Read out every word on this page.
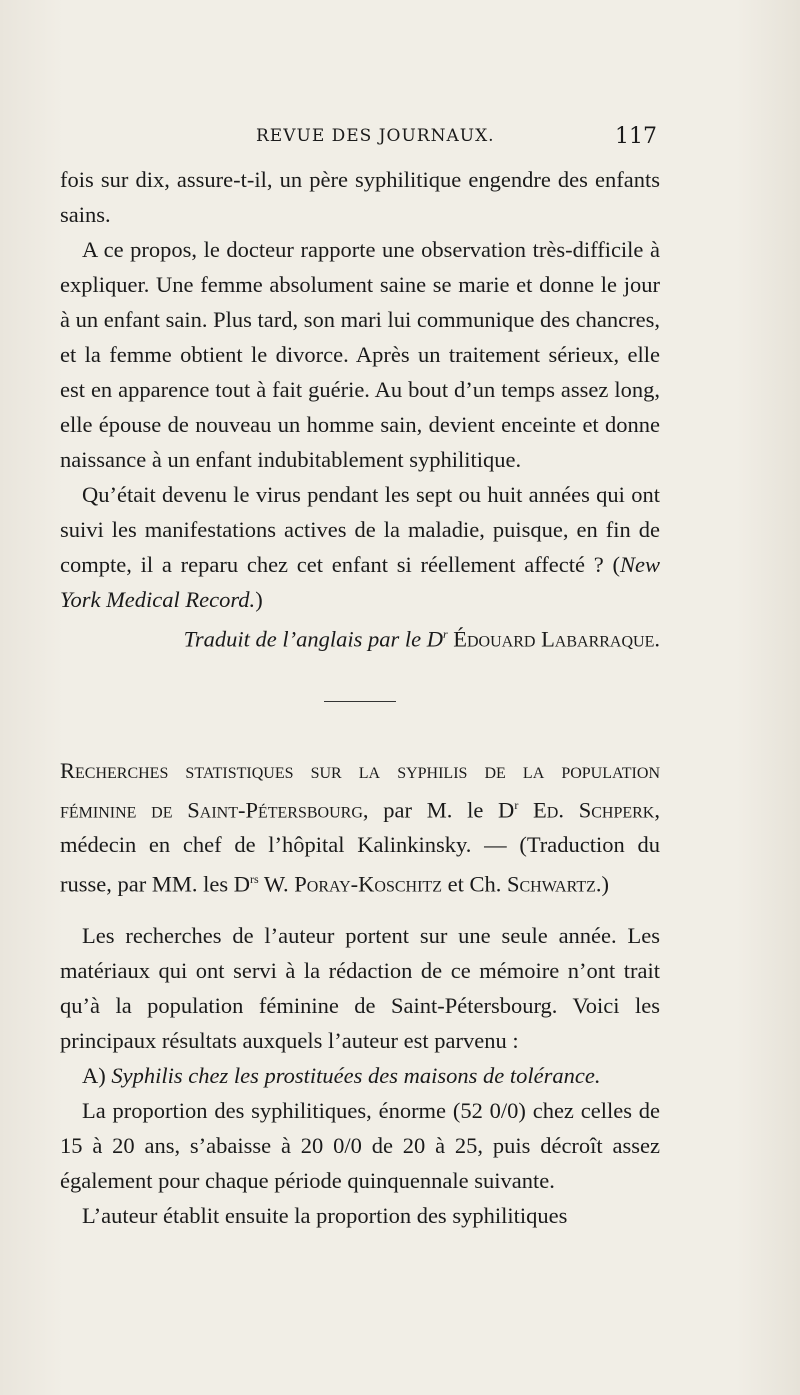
REVUE DES JOURNAUX.	117

fois sur dix, assure-t-il, un père syphilitique engendre des enfants sains.

A ce propos, le docteur rapporte une observation très-difficile à expliquer. Une femme absolument saine se marie et donne le jour à un enfant sain. Plus tard, son mari lui communique des chancres, et la femme obtient le divorce. Après un traitement sérieux, elle est en apparence tout à fait guérie. Au bout d’un temps assez long, elle épouse de nouveau un homme sain, devient enceinte et donne naissance à un enfant indubitablement syphilitique.

Qu’était devenu le virus pendant les sept ou huit années qui ont suivi les manifestations actives de la maladie, puisque, en fin de compte, il a reparu chez cet enfant si réellement affecté ? (New York Medical Record.)

Traduit de l’anglais par le $D^r$ Édouard Labarraque.

Recherches statistiques sur la syphilis de la population féminine de Saint-Pétersbourg, par M. le $D^r$ Ed. Schperk, médecin en chef de l’hôpital Kalinkinsky. — (Traduction du russe, par MM. les $D^{rs}$ W. Poray-Koschitz et Ch. Schwartz.)

Les recherches de l’auteur portent sur une seule année. Les matériaux qui ont servi à la rédaction de ce mémoire n’ont trait qu’à la population féminine de Saint-Pétersbourg. Voici les principaux résultats auxquels l’auteur est parvenu :

A) Syphilis chez les prostituées des maisons de tolérance.

La proportion des syphilitiques, énorme (52 0/0) chez celles de 15 à 20 ans, s’abaisse à 20 0/0 de 20 à 25, puis décroît assez également pour chaque période quinquennale suivante.

L’auteur établit ensuite la proportion des syphilitiques
